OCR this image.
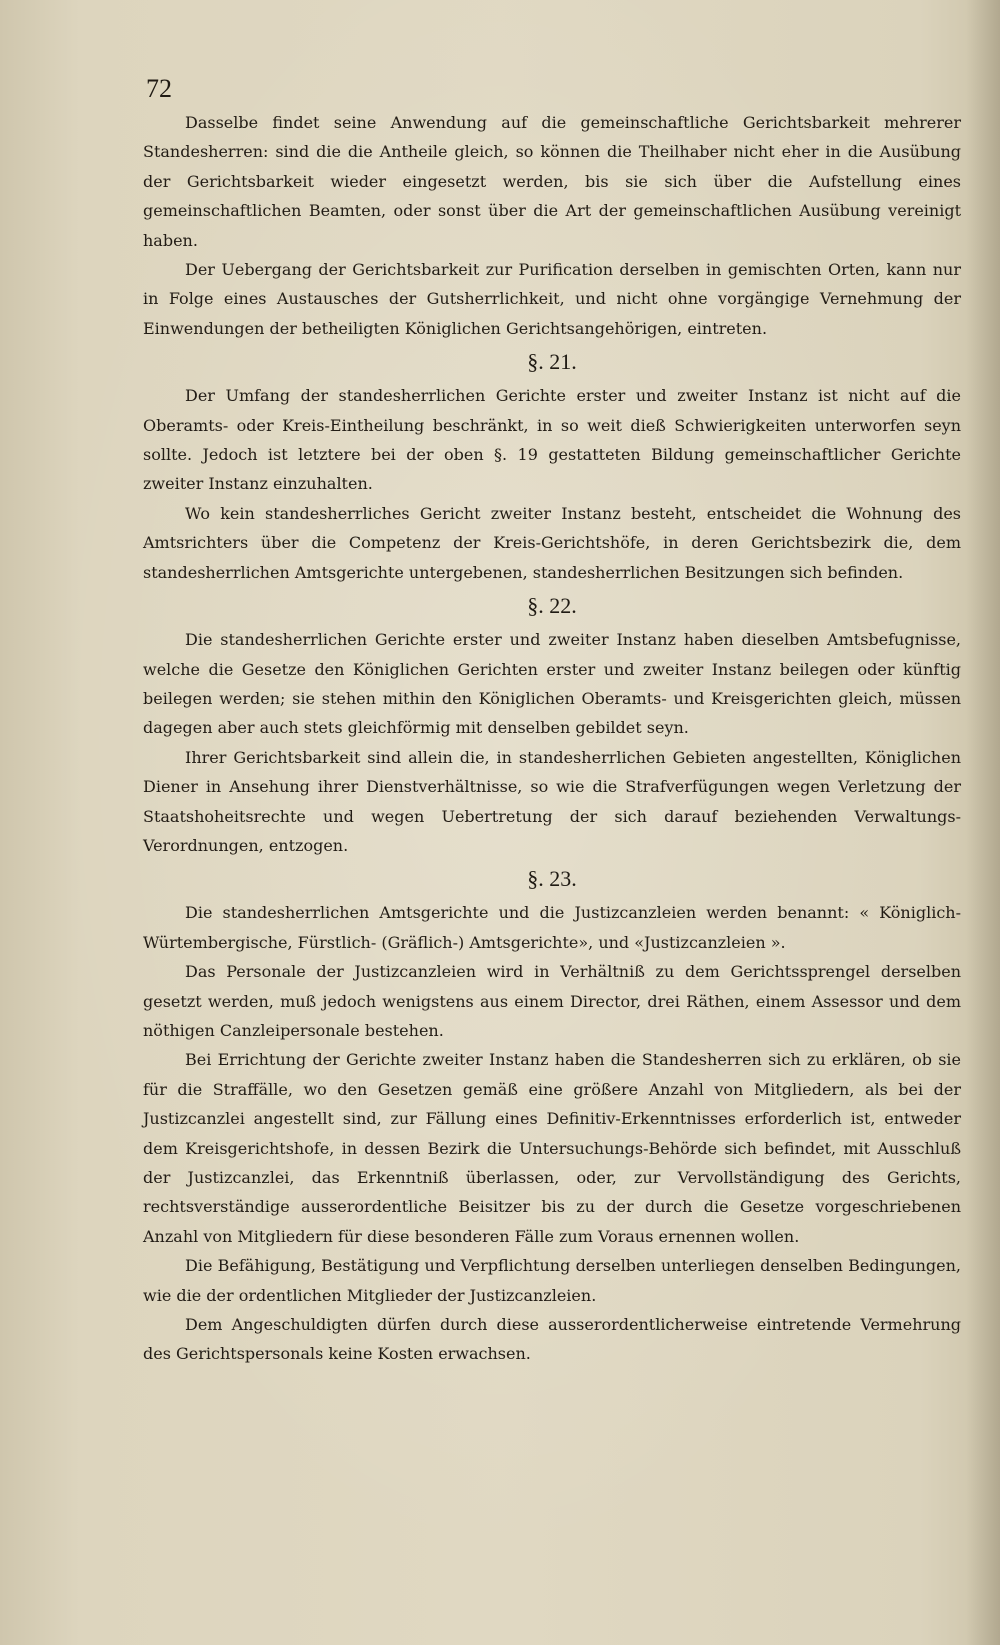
72

Dasselbe findet seine Anwendung auf die gemeinschaftliche Gerichtsbarkeit mehrerer Standesherren: sind die die Antheile gleich, so können die Theilhaber nicht eher in die Ausübung der Gerichtsbarkeit wieder eingesetzt werden, bis sie sich über die Aufstellung eines gemeinschaftlichen Beamten, oder sonst über die Art der gemeinschaftlichen Ausübung vereinigt haben.

Der Uebergang der Gerichtsbarkeit zur Purification derselben in gemischten Orten, kann nur in Folge eines Austausches der Gutsherrlichkeit, und nicht ohne vorgängige Vernehmung der Einwendungen der betheiligten Königlichen Gerichtsangehörigen, eintreten.

§. 21.

Der Umfang der standesherrlichen Gerichte erster und zweiter Instanz ist nicht auf die Oberamts- oder Kreis-Eintheilung beschränkt, in so weit dieß Schwierigkeiten unterworfen seyn sollte. Jedoch ist letztere bei der oben §. 19 gestatteten Bildung gemeinschaftlicher Gerichte zweiter Instanz einzuhalten.

Wo kein standesherrliches Gericht zweiter Instanz besteht, entscheidet die Wohnung des Amtsrichters über die Competenz der Kreis-Gerichtshöfe, in deren Gerichtsbezirk die, dem standesherrlichen Amtsgerichte untergebenen, standesherrlichen Besitzungen sich befinden.

§. 22.

Die standesherrlichen Gerichte erster und zweiter Instanz haben dieselben Amtsbefugnisse, welche die Gesetze den Königlichen Gerichten erster und zweiter Instanz beilegen oder künftig beilegen werden; sie stehen mithin den Königlichen Oberamts- und Kreisgerichten gleich, müssen dagegen aber auch stets gleichförmig mit denselben gebildet seyn.

Ihrer Gerichtsbarkeit sind allein die, in standesherrlichen Gebieten angestellten, Königlichen Diener in Ansehung ihrer Dienstverhältnisse, so wie die Strafverfügungen wegen Verletzung der Staatshoheitsrechte und wegen Uebertretung der sich darauf beziehenden Verwaltungs-Verordnungen, entzogen.

§. 23.

Die standesherrlichen Amtsgerichte und die Justizcanzleien werden benannt: « Königlich-Würtembergische, Fürstlich- (Gräflich-) Amtsgerichte», und «Justizcanzleien ».

Das Personale der Justizcanzleien wird in Verhältniß zu dem Gerichtssprengel derselben gesetzt werden, muß jedoch wenigstens aus einem Director, drei Räthen, einem Assessor und dem nöthigen Canzleipersonale bestehen.

Bei Errichtung der Gerichte zweiter Instanz haben die Standesherren sich zu erklären, ob sie für die Straffälle, wo den Gesetzen gemäß eine größere Anzahl von Mitgliedern, als bei der Justizcanzlei angestellt sind, zur Fällung eines Definitiv-Erkenntnisses erforderlich ist, entweder dem Kreisgerichtshofe, in dessen Bezirk die Untersuchungs-Behörde sich befindet, mit Ausschluß der Justizcanzlei, das Erkenntniß überlassen, oder, zur Vervollständigung des Gerichts, rechtsverständige ausserordentliche Beisitzer bis zu der durch die Gesetze vorgeschriebenen Anzahl von Mitgliedern für diese besonderen Fälle zum Voraus ernennen wollen.

Die Befähigung, Bestätigung und Verpflichtung derselben unterliegen denselben Bedingungen, wie die der ordentlichen Mitglieder der Justizcanzleien.

Dem Angeschuldigten dürfen durch diese ausserordentlicherweise eintretende Vermehrung des Gerichtspersonals keine Kosten erwachsen.
